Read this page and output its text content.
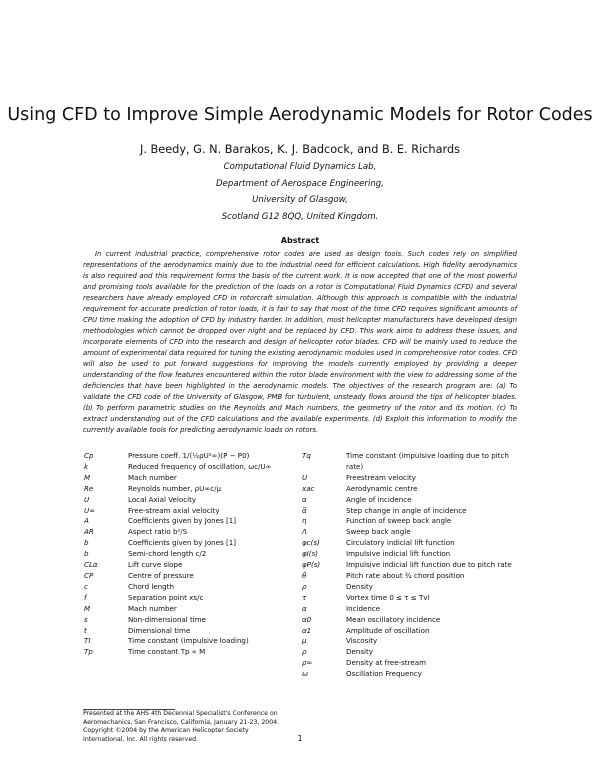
Using CFD to Improve Simple Aerodynamic Models for Rotor Codes

J. Beedy, G. N. Barakos, K. J. Badcock, and B. E. Richards

Computational Fluid Dynamics Lab,
Department of Aerospace Engineering,
University of Glasgow,
Scotland G12 8QQ, United Kingdom.
Abstract

In current industrial practice, comprehensive rotor codes are used as design tools. Such codes rely on simplified representations of the aerodynamics mainly due to the industrial need for efficient calculations. High fidelity aerodynamics is also required and this requirement forms the basis of the current work. It is now accepted that one of the most powerful and promising tools available for the prediction of the loads on a rotor is Computational Fluid Dynamics (CFD) and several researchers have already employed CFD in rotorcraft simulation. Although this approach is compatible with the industrial requirement for accurate prediction of rotor loads, it is fair to say that most of the time CFD requires significant amounts of CPU time making the adoption of CFD by industry harder. In addition, most helicopter manufacturers have developed design methodologies which cannot be dropped over night and be replaced by CFD. This work aims to address these issues, and incorporate elements of CFD into the research and design of helicopter rotor blades. CFD will be mainly used to reduce the amount of experimental data required for tuning the existing aerodynamic modules used in comprehensive rotor codes. CFD will also be used to put forward suggestions for improving the models currently employed by providing a deeper understanding of the flow features encountered within the rotor blade environment with the view to addressing some of the deficiencies that have been highlighted in the aerodynamic models. The objectives of the research program are: (a) To validate the CFD code of the University of Glasgow, PMB for turbulent, unsteady flows around the tips of helicopter blades. (b) To perform parametric studies on the Reynolds and Mach numbers, the geometry of the rotor and its motion. (c) To extract understanding out of the CFD calculations and the available experiments. (d) Exploit this information to modify the currently available tools for predicting aerodynamic loads on rotors.

Cp	Pressure coeff. 1/(½ρU²∞)(P − P0)
k	Reduced frequency of oscillation, ωc/U∞
M	Mach number
Re	Reynolds number, ρU∞c/μ
U	Local Axial Velocity
U∞	Free-stream axial velocity
A	Coefficients given by Jones [1]
AR	Aspect ratio b²/S
b	Coefficients given by Jones [1]
b	Semi-chord length c/2
CLα	Lift curve slope
CP	Centre of pressure
c	Chord length
f	Separation point xs/c
M	Mach number
s	Non-dimensional time
t	Dimensional time
TI	Time constant (impulsive loading)
Tp	Time constant Tp ∝ M
Tq	Time constant (impulsive loading due to pitch rate)
U	Freestream velocity
xac	Aerodynamic centre
α	Angle of incidence
α̅	Step change in angle of incidence
η	Function of sweep back angle
Λ	Sweep back angle
φc(s)	Circulatory indicial lift function
φI(s)	Impulsive indicial lift function
φP(s)	Impulsive indicial lift function due to pitch rate
θ̇	Pitch rate about ¾ chord position
ρ	Density
τ	Vortex time 0 ≤ τ ≤ Tvl
α	Incidence
α0	Mean oscillatory incidence
α1	Amplitude of oscillation
μ	Viscosity
ρ	Density
ρ∞	Density at free-stream
ω	Oscillation Frequency
Presented at the AHS 4th Decennial Specialist's Conference on Aeromechanics, San Francisco, California, January 21-23, 2004. Copyright ©2004 by the American Helicopter Society International, Inc. All rights reserved.	1
